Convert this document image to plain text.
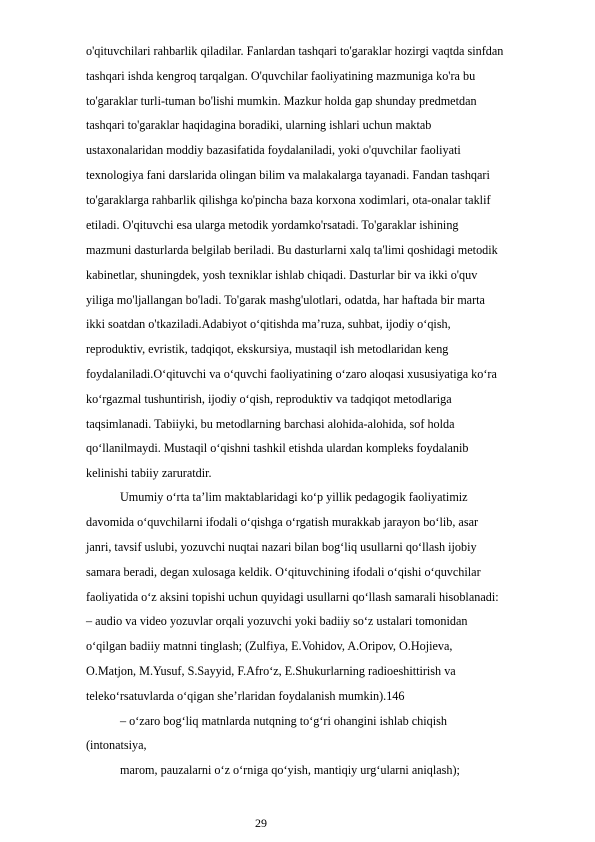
o'qituvchilari rahbarlik qiladilar. Fanlardan tashqari to'garaklar hozirgi vaqtda sinfdan
tashqari ishda kengroq tarqalgan. O'quvchilar faoliyatining mazmuniga ko'ra bu
to'garaklar turli-tuman bo'lishi mumkin. Mazkur holda gap shunday predmetdan
tashqari to'garaklar haqidagina boradiki, ularning ishlari uchun maktab
ustaxonalaridan moddiy bazasifatida foydalaniladi, yoki o'quvchilar faoliyati
texnologiya fani darslarida olingan bilim va malakalarga tayanadi. Fandan tashqari
to'garaklarga rahbarlik qilishga ko'pincha baza korxona xodimlari, ota-onalar taklif
etiladi. O'qituvchi esa ularga metodik yordamko'rsatadi. To'garaklar ishining
mazmuni dasturlarda belgilab beriladi. Bu dasturlarni xalq ta'limi qoshidagi metodik
kabinetlar, shuningdek, yosh texniklar ishlab chiqadi. Dasturlar bir va ikki o'quv
yiliga mo'ljallangan bo'ladi. To'garak mashg'ulotlari, odatda, har haftada bir marta
ikki soatdan o'tkaziladi.Adabiyot o‘qitishda ma’ruza, suhbat, ijodiy o‘qish,
reproduktiv, evristik, tadqiqot, ekskursiya, mustaqil ish metodlaridan keng
foydalaniladi.O‘qituvchi va o‘quvchi faoliyatining o‘zaro aloqasi xususiyatiga ko‘ra
ko‘rgazmal tushuntirish, ijodiy o‘qish, reproduktiv va tadqiqot metodlariga
taqsimlanadi. Tabiiyki, bu metodlarning barchasi alohida-alohida, sof holda
qo‘llanilmaydi. Mustaqil o‘qishni tashkil etishda ulardan kompleks foydalanib
kelinishi tabiiy zaruratdir.
Umumiy o‘rta ta’lim maktablaridagi ko‘p yillik pedagogik faoliyatimiz
davomida o‘quvchilarni ifodali o‘qishga o‘rgatish murakkab jarayon bo‘lib, asar
janri, tavsif uslubi, yozuvchi nuqtai nazari bilan bog‘liq usullarni qo‘llash ijobiy
samara beradi, degan xulosaga keldik. O‘qituvchining ifodali o‘qishi o‘quvchilar
faoliyatida o‘z aksini topishi uchun quyidagi usullarni qo‘llash samarali hisoblanadi:
– audio va video yozuvlar orqali yozuvchi yoki badiiy so‘z ustalari tomonidan
o‘qilgan badiiy matnni tinglash; (Zulfiya, E.Vohidov, A.Oripov, O.Hojieva,
O.Matjon, M.Yusuf, S.Sayyid, F.Afro‘z, E.Shukurlarning radioeshittirish va
teleko‘rsatuvlarda o‘qigan she’rlaridan foydalanish mumkin).146
– o‘zaro bog‘liq matnlarda nutqning to‘g‘ri ohangini ishlab chiqish
(intonatsiya,
marom, pauzalarni o‘z o‘rniga qo‘yish, mantiqiy urg‘ularni aniqlash);
29
